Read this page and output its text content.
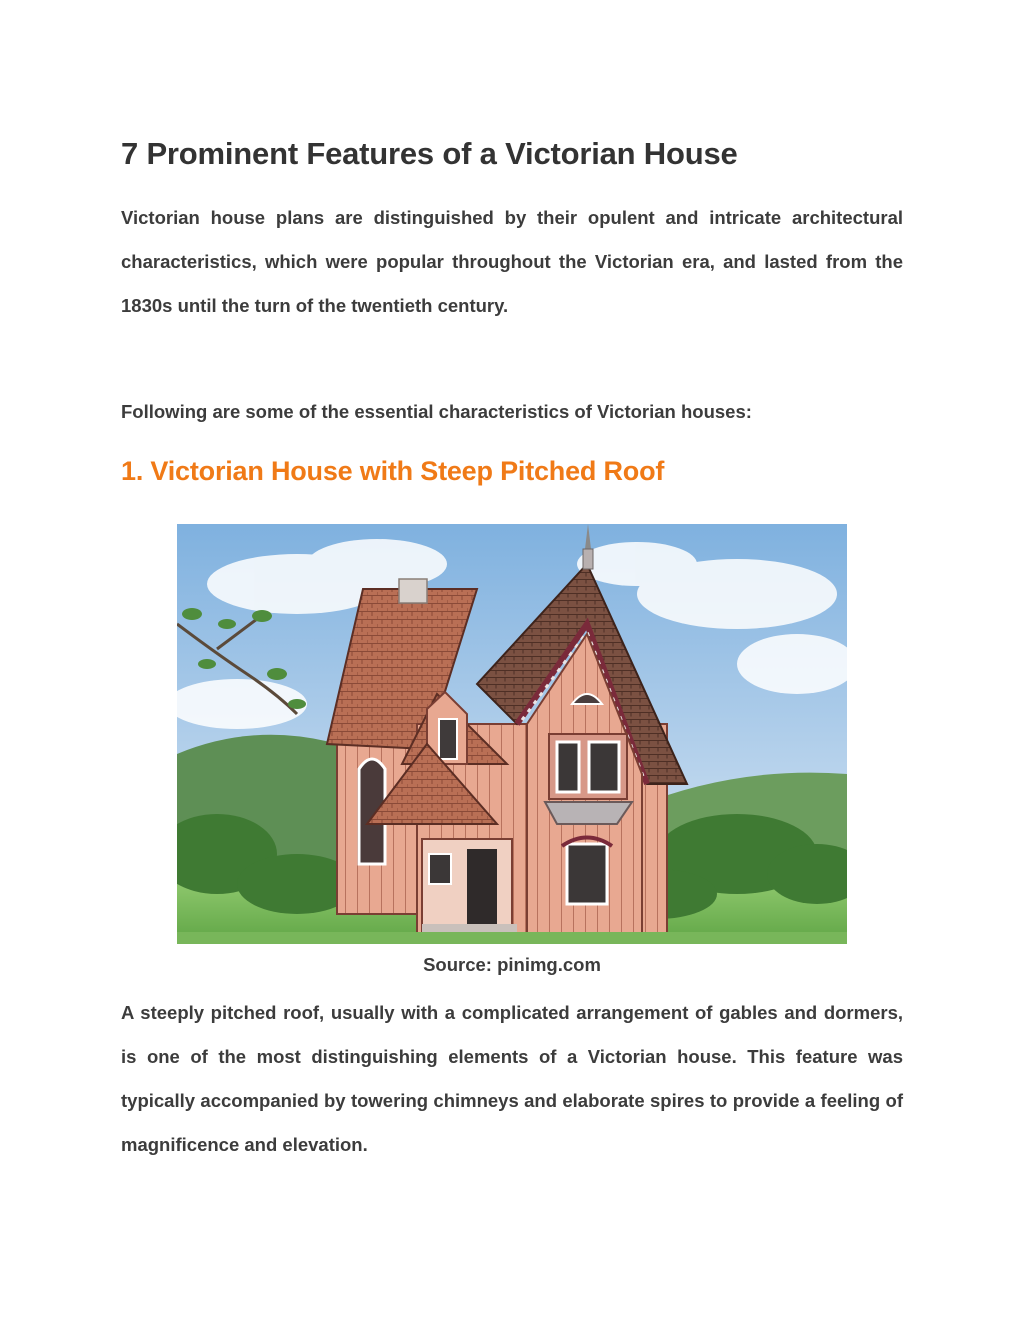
7 Prominent Features of a Victorian House

Victorian house plans are distinguished by their opulent and intricate architectural characteristics, which were popular throughout the Victorian era, and lasted from the 1830s until the turn of the twentieth century.

Following are some of the essential characteristics of Victorian houses:

1. Victorian House with Steep Pitched Roof
Source: pinimg.com

A steeply pitched roof, usually with a complicated arrangement of gables and dormers, is one of the most distinguishing elements of a Victorian house. This feature was typically accompanied by towering chimneys and elaborate spires to provide a feeling of magnificence and elevation.
